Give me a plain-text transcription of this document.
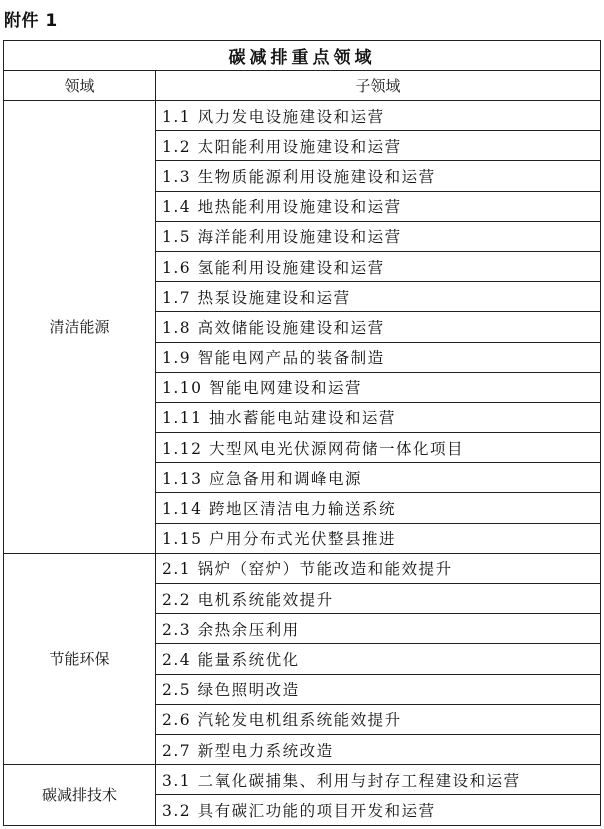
附件 1
碳减排重点领域	
领域	子领域
清洁能源	1.1 风力发电设施建设和运营
	1.2 太阳能利用设施建设和运营
	1.3 生物质能源利用设施建设和运营
	1.4 地热能利用设施建设和运营
	1.5 海洋能利用设施建设和运营
	1.6 氢能利用设施建设和运营
	1.7 热泵设施建设和运营
	1.8 高效储能设施建设和运营
	1.9 智能电网产品的装备制造
	1.10 智能电网建设和运营
	1.11 抽水蓄能电站建设和运营
	1.12 大型风电光伏源网荷储一体化项目
	1.13 应急备用和调峰电源
	1.14 跨地区清洁电力输送系统
	1.15 户用分布式光伏整县推进
节能环保	2.1 锅炉（窑炉）节能改造和能效提升
	2.2 电机系统能效提升
	2.3 余热余压利用
	2.4 能量系统优化
	2.5 绿色照明改造
	2.6 汽轮发电机组系统能效提升
	2.7 新型电力系统改造
碳减排技术	3.1 二氧化碳捕集、利用与封存工程建设和运营
	3.2 具有碳汇功能的项目开发和运营
